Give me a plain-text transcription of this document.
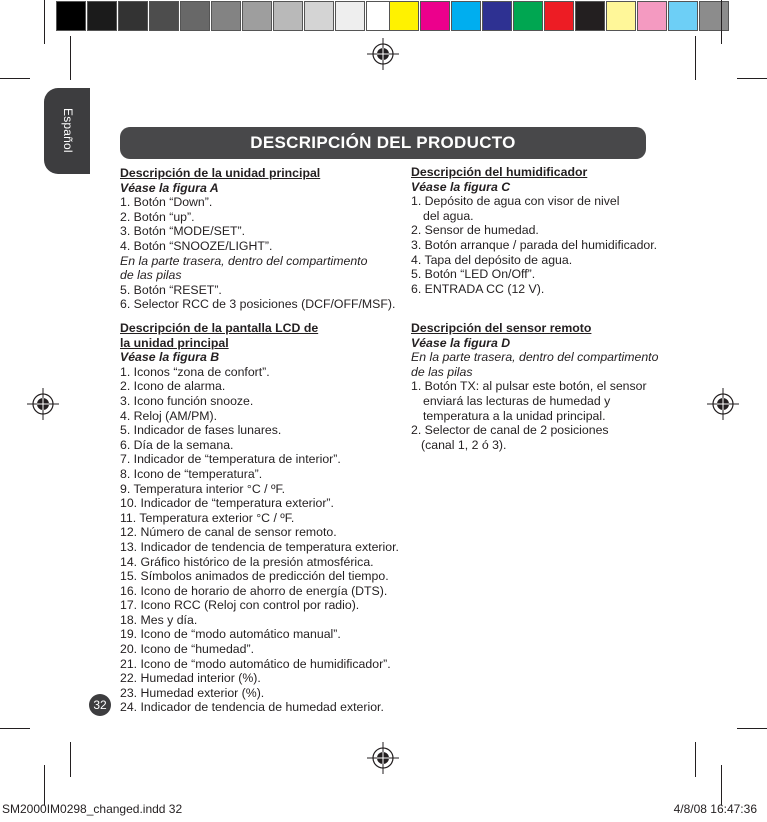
Español	DESCRIPCIÓN DEL PRODUCTO
Descripción de la unidad principal
Véase la figura A
1. Botón “Down”.
2. Botón “up”.
3. Botón “MODE/SET”.
4. Botón “SNOOZE/LIGHT”.
En la parte trasera, dentro del compartimento
de las pilas
5. Botón “RESET”.
6. Selector RCC de 3 posiciones (DCF/OFF/MSF).
Descripción de la pantalla LCD de
la unidad principal
Véase la figura B
1. Iconos “zona de confort”.
2. Icono de alarma.
3. Icono función snooze.
4. Reloj (AM/PM).
5. Indicador de fases lunares.
6. Día de la semana.
7. Indicador de “temperatura de interior”.
8. Icono de “temperatura”.
9. Temperatura interior °C / ºF.
10. Indicador de “temperatura exterior”.
11. Temperatura exterior °C / ºF.
12. Número de canal de sensor remoto.
13. Indicador de tendencia de temperatura exterior.
14. Gráfico histórico de la presión atmosférica.
15. Símbolos animados de predicción del tiempo.
16. Icono de horario de ahorro de energía (DTS).
17. Icono RCC (Reloj con control por radio).
18. Mes y día.
19. Icono de “modo automático manual”.
20. Icono de “humedad”.
21. Icono de “modo automático de humidificador”.
22. Humedad interior (%).
23. Humedad exterior (%).
24. Indicador de tendencia de humedad exterior.
Descripción del humidificador
Véase la figura C
1. Depósito de agua con visor de nivel
del agua.
2. Sensor de humedad.
3. Botón arranque / parada del humidificador.
4. Tapa del depósito de agua.
5. Botón “LED On/Off”.
6. ENTRADA CC (12 V).
Descripción del sensor remoto
Véase la figura D
En la parte trasera, dentro del compartimento
de las pilas
1. Botón TX: al pulsar este botón, el sensor
enviará las lecturas de humedad y
temperatura a la unidad principal.
2. Selector de canal de 2 posiciones
(canal 1, 2 ó 3).
32
SM2000IM0298_changed.indd 32	4/8/08 16:47:36
